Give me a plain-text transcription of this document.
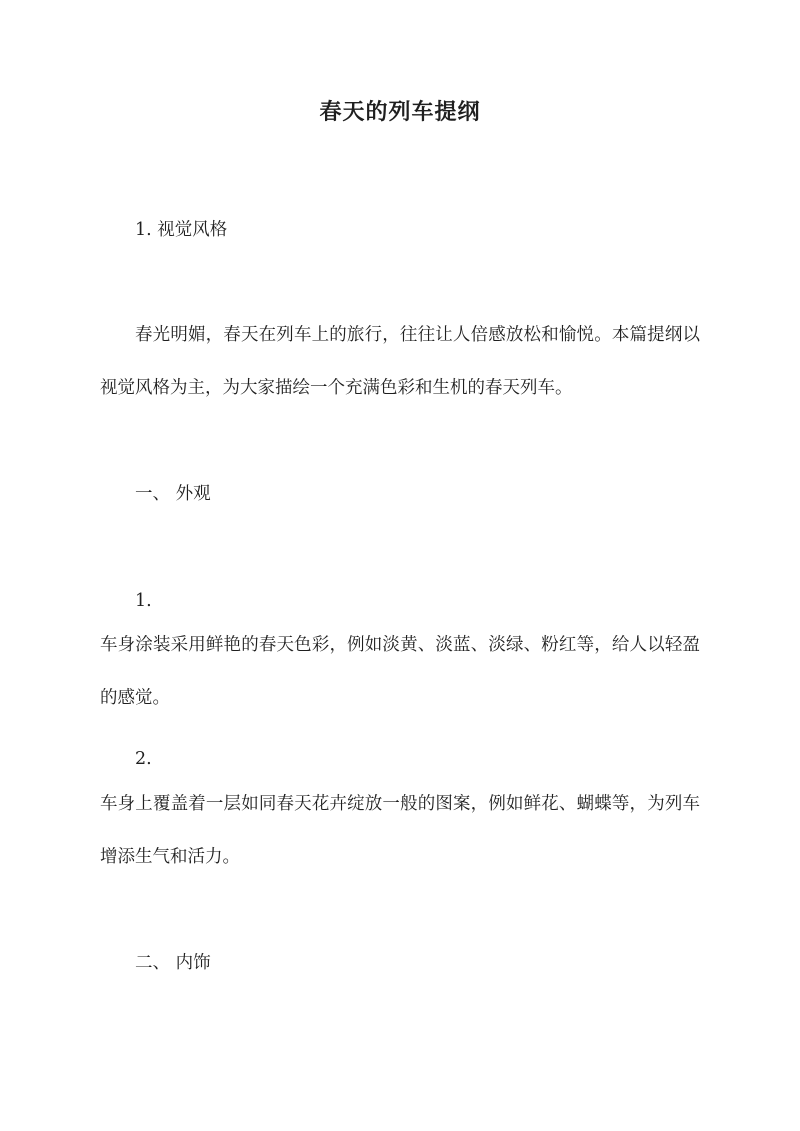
春天的列车提纲
1. 视觉风格
春光明媚，春天在列车上的旅行，往往让人倍感放松和愉悦。本篇提纲以视觉风格为主，为大家描绘一个充满色彩和生机的春天列车。
一、 外观
1.
车身涂装采用鲜艳的春天色彩，例如淡黄、淡蓝、淡绿、粉红等，给人以轻盈的感觉。
2.
车身上覆盖着一层如同春天花卉绽放一般的图案，例如鲜花、蝴蝶等，为列车增添生气和活力。
二、 内饰
